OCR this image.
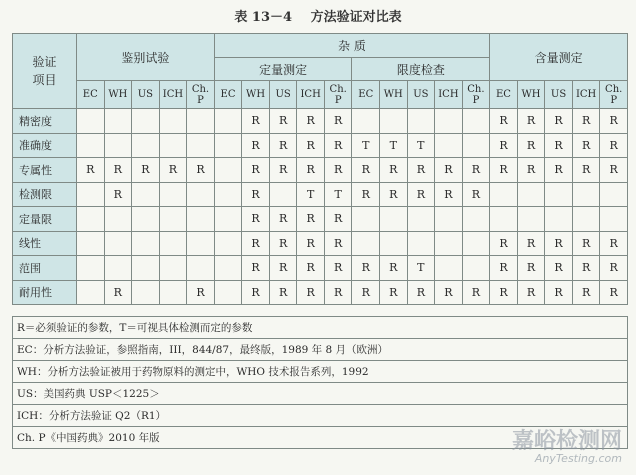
表 13－4 方法验证对比表
验证
项目	鉴别试验					杂 质										含量测定				
						定量测定					限度检查									
	EC	WH	US	ICH	Ch. P	EC	WH	US	ICH	Ch. P	EC	WH	US	ICH	Ch. P	EC	WH	US	ICH	Ch. P
精密度							R	R	R	R						R	R	R	R	R
准确度							R	R	R	R	T	T	T			R	R	R	R	R
专属性	R	R	R	R	R		R	R	R	R	R	R	R	R	R	R	R	R	R	R
检测限		R					R		T	T	R	R	R	R	R					
定量限							R	R	R	R										
线性							R	R	R	R						R	R	R	R	R
范围							R	R	R	R	R	R	T			R	R	R	R	R
耐用性		R			R		R	R	R	R	R	R	R	R	R	R	R	R	R	R
R＝必须验证的参数，T＝可视具体检测而定的参数
EC：分析方法验证，参照指南，III，844/87，最终版，1989 年 8 月（欧洲）
WH：分析方法验证被用于药物原料的测定中，WHO 技术报告系列，1992
US：美国药典 USP＜1225＞
ICH：分析方法验证 Q2（R1）
Ch. P《中国药典》2010 年版	嘉峪检测网
AnyTesting.com
